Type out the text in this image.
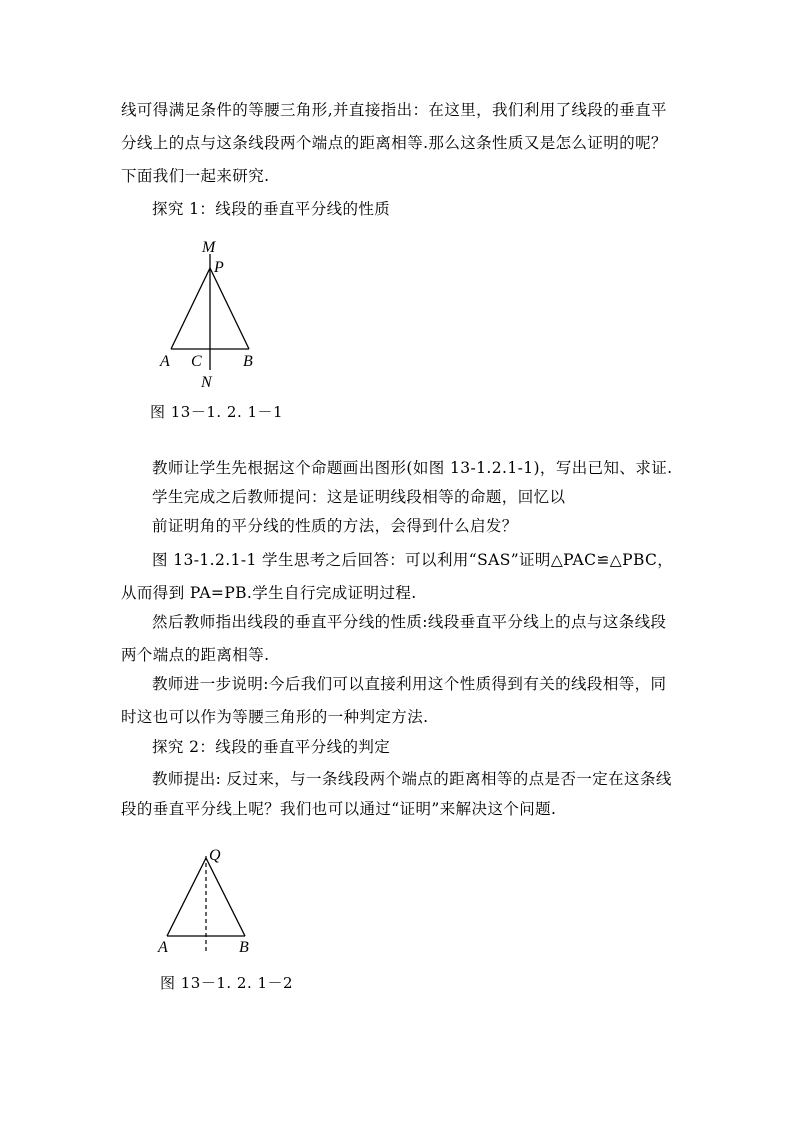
线可得满足条件的等腰三角形,并直接指出：在这里，我们利用了线段的垂直平
分线上的点与这条线段两个端点的距离相等.那么这条性质又是怎么证明的呢？
下面我们一起来研究.
探究 1：线段的垂直平分线的性质
M
P
A C	B
N
图 13－1. 2. 1－1
教师让学生先根据这个命题画出图形(如图 13-1.2.1-1)，写出已知、求证.
学生完成之后教师提问：这是证明线段相等的命题，回忆以
前证明角的平分线的性质的方法，会得到什么启发？
图 13-1.2.1-1 学生思考之后回答：可以利用“SAS”证明△PAC≌△PBC，
从而得到 PA=PB.学生自行完成证明过程.
然后教师指出线段的垂直平分线的性质:线段垂直平分线上的点与这条线段
两个端点的距离相等.
教师进一步说明:今后我们可以直接利用这个性质得到有关的线段相等，同
时这也可以作为等腰三角形的一种判定方法.
探究 2：线段的垂直平分线的判定
教师提出: 反过来，与一条线段两个端点的距离相等的点是否一定在这条线
段的垂直平分线上呢？我们也可以通过“证明”来解决这个问题.
Q
A	B
图 13－1. 2. 1－2
